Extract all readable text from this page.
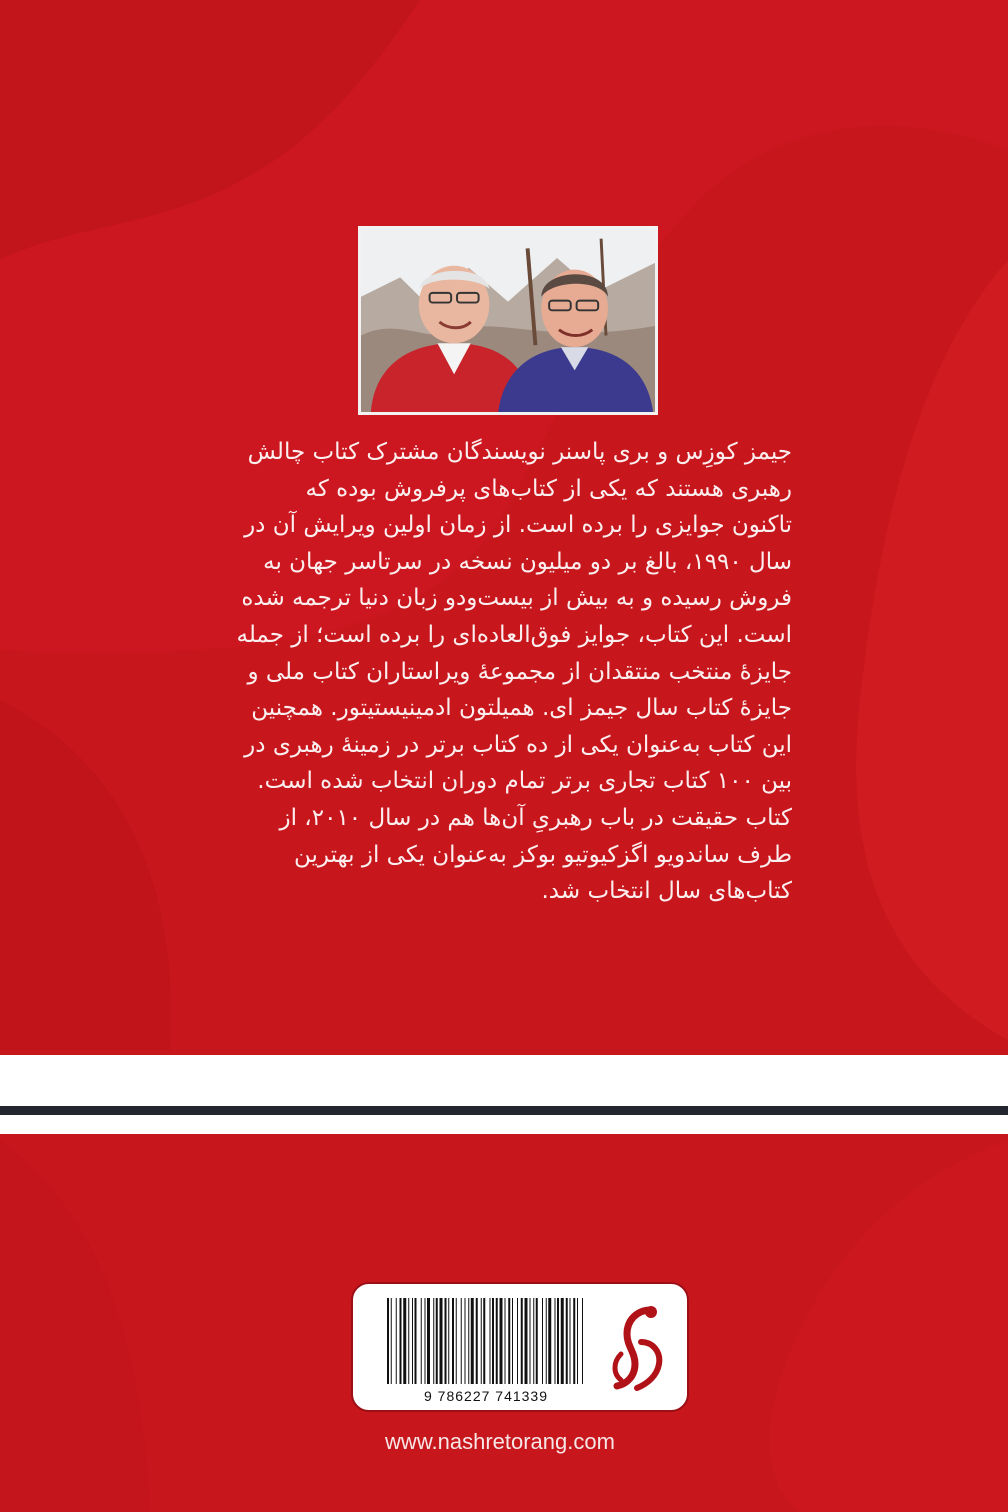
جیمز کوزِس و بری پاسنر نویسندگان مشترک کتاب چالش
رهبری هستند که یکی از کتاب‌های پرفروش بوده که
تاکنون جوایزی را برده است. از زمان اولین ویرایش آن در
سال ۱۹۹۰، بالغ بر دو میلیون نسخه در سرتاسر جهان به
فروش رسیده و به بیش از بیست‌ودو زبان دنیا ترجمه شده
است. این کتاب، جوایز فوق‌العاده‌ای را برده است؛ از جمله
جایزهٔ منتخب منتقدان از مجموعهٔ ویراستاران کتاب ملی و
جایزهٔ کتاب سال جیمز ای. همیلتون ادمینیستیتور. همچنین
این کتاب به‌عنوان یکی از ده کتاب برتر در زمینهٔ رهبری در
بین ۱۰۰ کتاب تجاری برتر تمام دوران انتخاب شده است.
کتاب حقیقت در باب رهبریِ آن‌ها هم در سال ۲۰۱۰، از
طرف ساندویو اگزکیوتیو بوکز به‌عنوان یکی از بهترین
کتاب‌های سال انتخاب شد.
9 786227 741339
www.nashretorang.com
